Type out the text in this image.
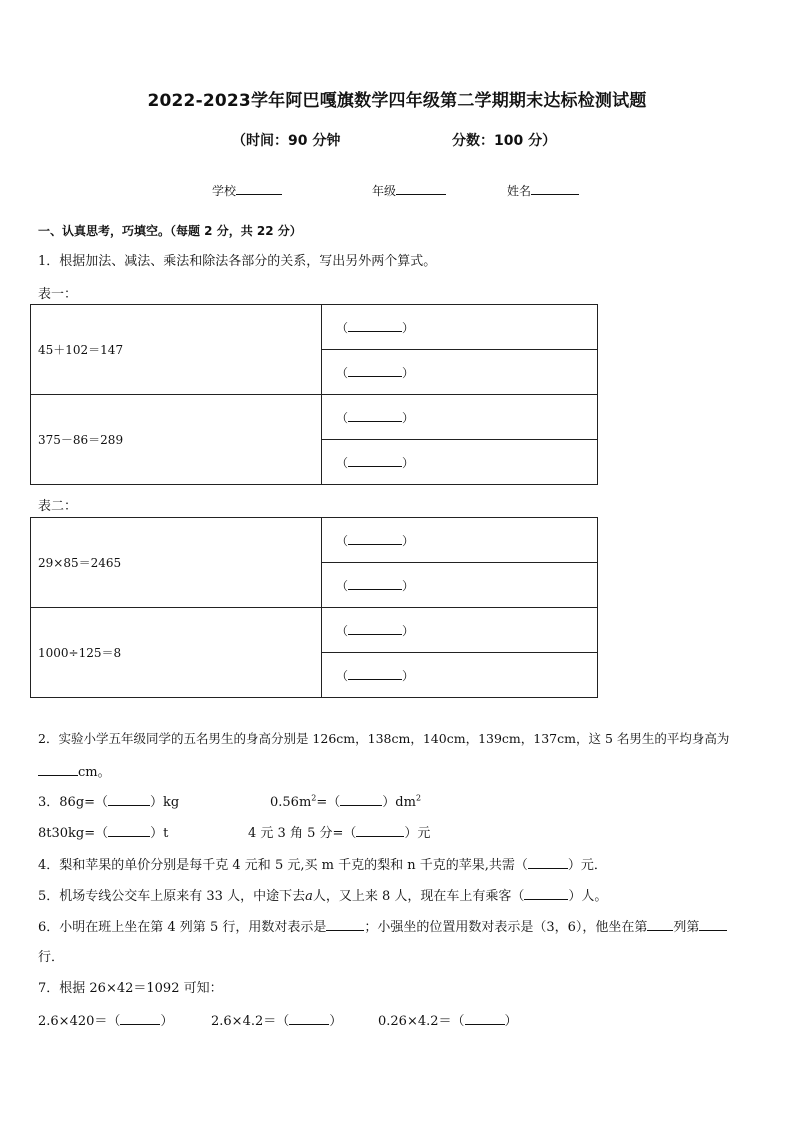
2022-2023学年阿巴嘎旗数学四年级第二学期期末达标检测试题
（时间：90 分钟	分数：100 分）
学校	年级	姓名
一、认真思考，巧填空。（每题 2 分，共 22 分）
1．根据加法、减法、乘法和除法各部分的关系，写出另外两个算式。
表一：
45＋102＝147	（ ）
	（ ）
375－86＝289	（ ）
	（ ）
表二：
29×85＝2465	（ ）
	（ ）
1000÷125＝8	（ ）
	（ ）
2．实验小学五年级同学的五名男生的身高分别是 126cm，138cm，140cm，139cm，137cm，这 5 名男生的平均身高为
cm。
3．86g=（	）kg	$0.56m^2=$（	）$dm^2$
8t30kg=（	）t	4 元 3 角 5 分=（	）元
4．梨和苹果的单价分别是每千克 4 元和 5 元,买 m 千克的梨和 n 千克的苹果,共需（	）元．
5．机场专线公交车上原来有 33 人，中途下去a人，又上来 8 人，现在车上有乘客（	）人。
6．小明在班上坐在第 4 列第 5 行，用数对表示是	；小强坐的位置用数对表示是（3，6），他坐在第 列第
行．
7．根据 26×42＝1092 可知：
2.6×420＝（	）	2.6×4.2＝（	）	0.26×4.2＝（	）
